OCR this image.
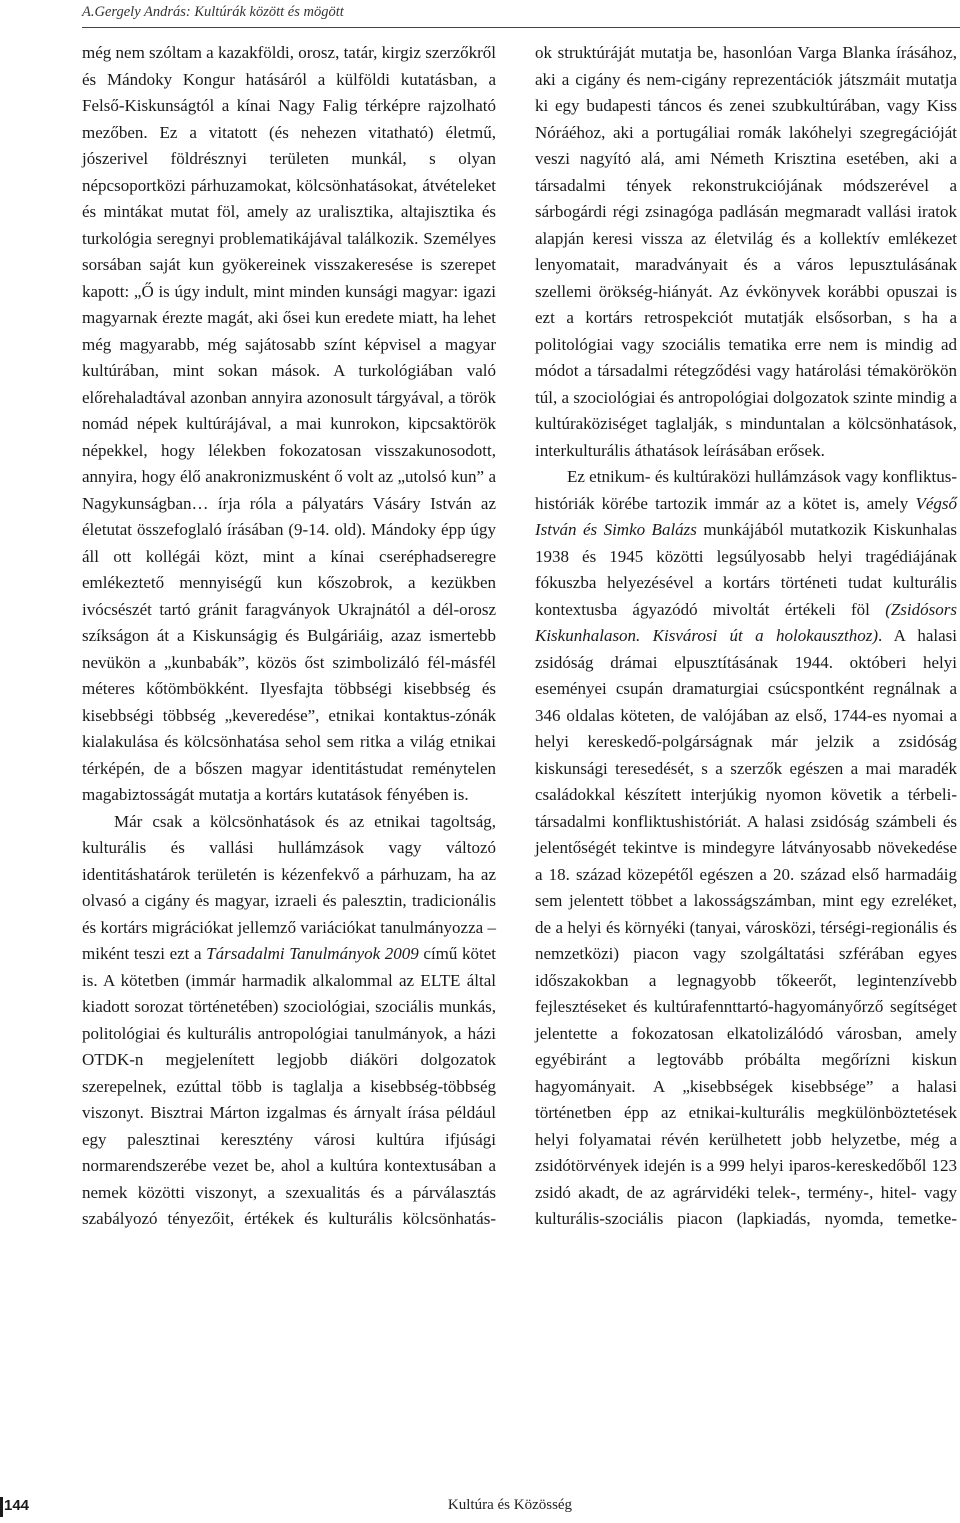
A.Gergely András: Kultúrák között és mögött

még nem szóltam a kazakföldi, orosz, tatár, kirgiz szerzőkről és Mándoky Kongur hatásáról a külföldi kutatásban, a Felső-Kiskunságtól a kínai Nagy Falig térképre rajzolható mezőben. Ez a vitatott (és nehezen vitatható) életmű, jószerivel földrésznyi területen munkál, s olyan népcsoportközi párhuzamokat, kölcsönhatásokat, átvételeket és mintákat mutat föl, amely az uralisztika, altajisztika és turkológia seregnyi problematikájával találkozik. Személyes sorsában saját kun gyökereinek visszakeresése is szerepet kapott: „Ő is úgy indult, mint minden kunsági magyar: igazi magyarnak érezte magát, aki ősei kun eredete miatt, ha lehet még magyarabb, még sajátosabb színt képvisel a magyar kultúrában, mint sokan mások. A turkológiában való előrehaladtával azonban annyira azonosult tárgyával, a török nomád népek kultúrájával, a mai kunrokon, kipcsaktörök népekkel, hogy lélekben fokozatosan visszakunosodott, annyira, hogy élő anakronizmusként ő volt az „utolsó kun” a Nagykunságban… írja róla a pályatárs Vásáry István az életutat összefoglaló írásában (9-14. old). Mándoky épp úgy áll ott kollégái közt, mint a kínai cseréphadseregre emlékeztető mennyiségű kun kőszobrok, a kezükben ivócsészét tartó gránit faragványok Ukrajnától a dél-orosz szíkságon át a Kiskunságig és Bulgáriáig, azaz ismertebb nevükön a „kunbabák”, közös őst szimbolizáló fél-másfél méteres kőtömbökként. Ilyesfajta többségi kisebbség és kisebbségi többség „keveredése”, etnikai kontaktus-zónák kialakulása és kölcsönhatása sehol sem ritka a világ etnikai térképén, de a bőszen magyar identitástudat reménytelen magabiztosságát mutatja a kortárs kutatások fényében is.

Már csak a kölcsönhatások és az etnikai tagoltság, kulturális és vallási hullámzások vagy változó identitáshatárok területén is kézenfekvő a párhuzam, ha az olvasó a cigány és magyar, izraeli és palesztin, tradicionális és kortárs migrációkat jellemző variációkat tanulmányozza – miként teszi ezt a Társadalmi Tanulmányok 2009 című kötet is. A kötetben (immár harmadik alkalommal az ELTE által kiadott sorozat történetében) szociológiai, szociális munkás, politológiai és kulturális antropológiai tanulmányok, a házi OTDK-n megjelenített legjobb diáköri dolgozatok szerepelnek, ezúttal több is taglalja a kisebbség-többség viszonyt. Bisztrai Márton izgalmas és árnyalt írása például egy palesztinai keresztény városi kultúra ifjúsági normarendszerébe vezet be, ahol a kultúra kontextusában a nemek közötti viszonyt, a szexualitás és a párválasztás szabályozó tényezőit, értékek és kulturális kölcsönhatás-

ok struktúráját mutatja be, hasonlóan Varga Blanka írásához, aki a cigány és nem-cigány reprezentációk játszmáit mutatja ki egy budapesti táncos és zenei szubkultúrában, vagy Kiss Nóráéhoz, aki a portugáliai romák lakóhelyi szegregációját veszi nagyító alá, ami Németh Krisztina esetében, aki a társadalmi tények rekonstrukciójának módszerével a sárbogárdi régi zsinagóga padlásán megmaradt vallási iratok alapján keresi vissza az életvilág és a kollektív emlékezet lenyomatait, maradványait és a város lepusztulásának szellemi örökség-hiányát. Az évkönyvek korábbi opuszai is ezt a kortárs retrospekciót mutatják elsősorban, s ha a politológiai vagy szociális tematika erre nem is mindig ad módot a társadalmi rétegződési vagy határolási témakörökön túl, a szociológiai és antropológiai dolgozatok szinte mindig a kultúraköziséget taglalják, s minduntalan a kölcsönhatások, interkulturális áthatások leírásában erősek.

Ez etnikum- és kultúraközi hullámzások vagy konfliktus-históriák körébe tartozik immár az a kötet is, amely Végső István és Simko Balázs munkájából mutatkozik Kiskunhalas 1938 és 1945 közötti legsúlyosabb helyi tragédiájának fókuszba helyezésével a kortárs történeti tudat kulturális kontextusba ágyazódó mivoltát értékeli föl (Zsidósors Kiskunhalason. Kisvárosi út a holokauszthoz). A halasi zsidóság drámai elpusztításának 1944. októberi helyi eseményei csupán dramaturgiai csúcspontként regnálnak a 346 oldalas köteten, de valójában az első, 1744-es nyomai a helyi kereskedő-polgárságnak már jelzik a zsidóság kiskunsági teresedését, s a szerzők egészen a mai maradék családokkal készített interjúkig nyomon követik a térbeli-társadalmi konfliktushistóriát. A halasi zsidóság számbeli és jelentőségét tekintve is mindegyre látványosabb növekedése a 18. század közepétől egészen a 20. század első harmadáig sem jelentett többet a lakosságszámban, mint egy ezreléket, de a helyi és környéki (tanyai, városközi, térségi-regionális és nemzetközi) piacon vagy szolgáltatási szférában egyes időszakokban a legnagyobb tőkeerőt, legintenzívebb fejlesztéseket és kultúrafennttartó-hagyományőrző segítséget jelentette a fokozatosan elkatolizálódó városban, amely egyébiránt a legtovább próbálta megőrízni kiskun hagyományait. A „kisebbségek kisebbsége” a halasi történetben épp az etnikai-kulturális megkülönböztetések helyi folyamatai révén kerülhetett jobb helyzetbe, még a zsidótörvények idején is a 999 helyi iparos-kereskedőből 123 zsidó akadt, de az agrárvidéki telek-, termény-, hitel- vagy kulturális-szociális piacon (lapkiadás, nyomda, temetke-

144	Kultúra és Közösség
